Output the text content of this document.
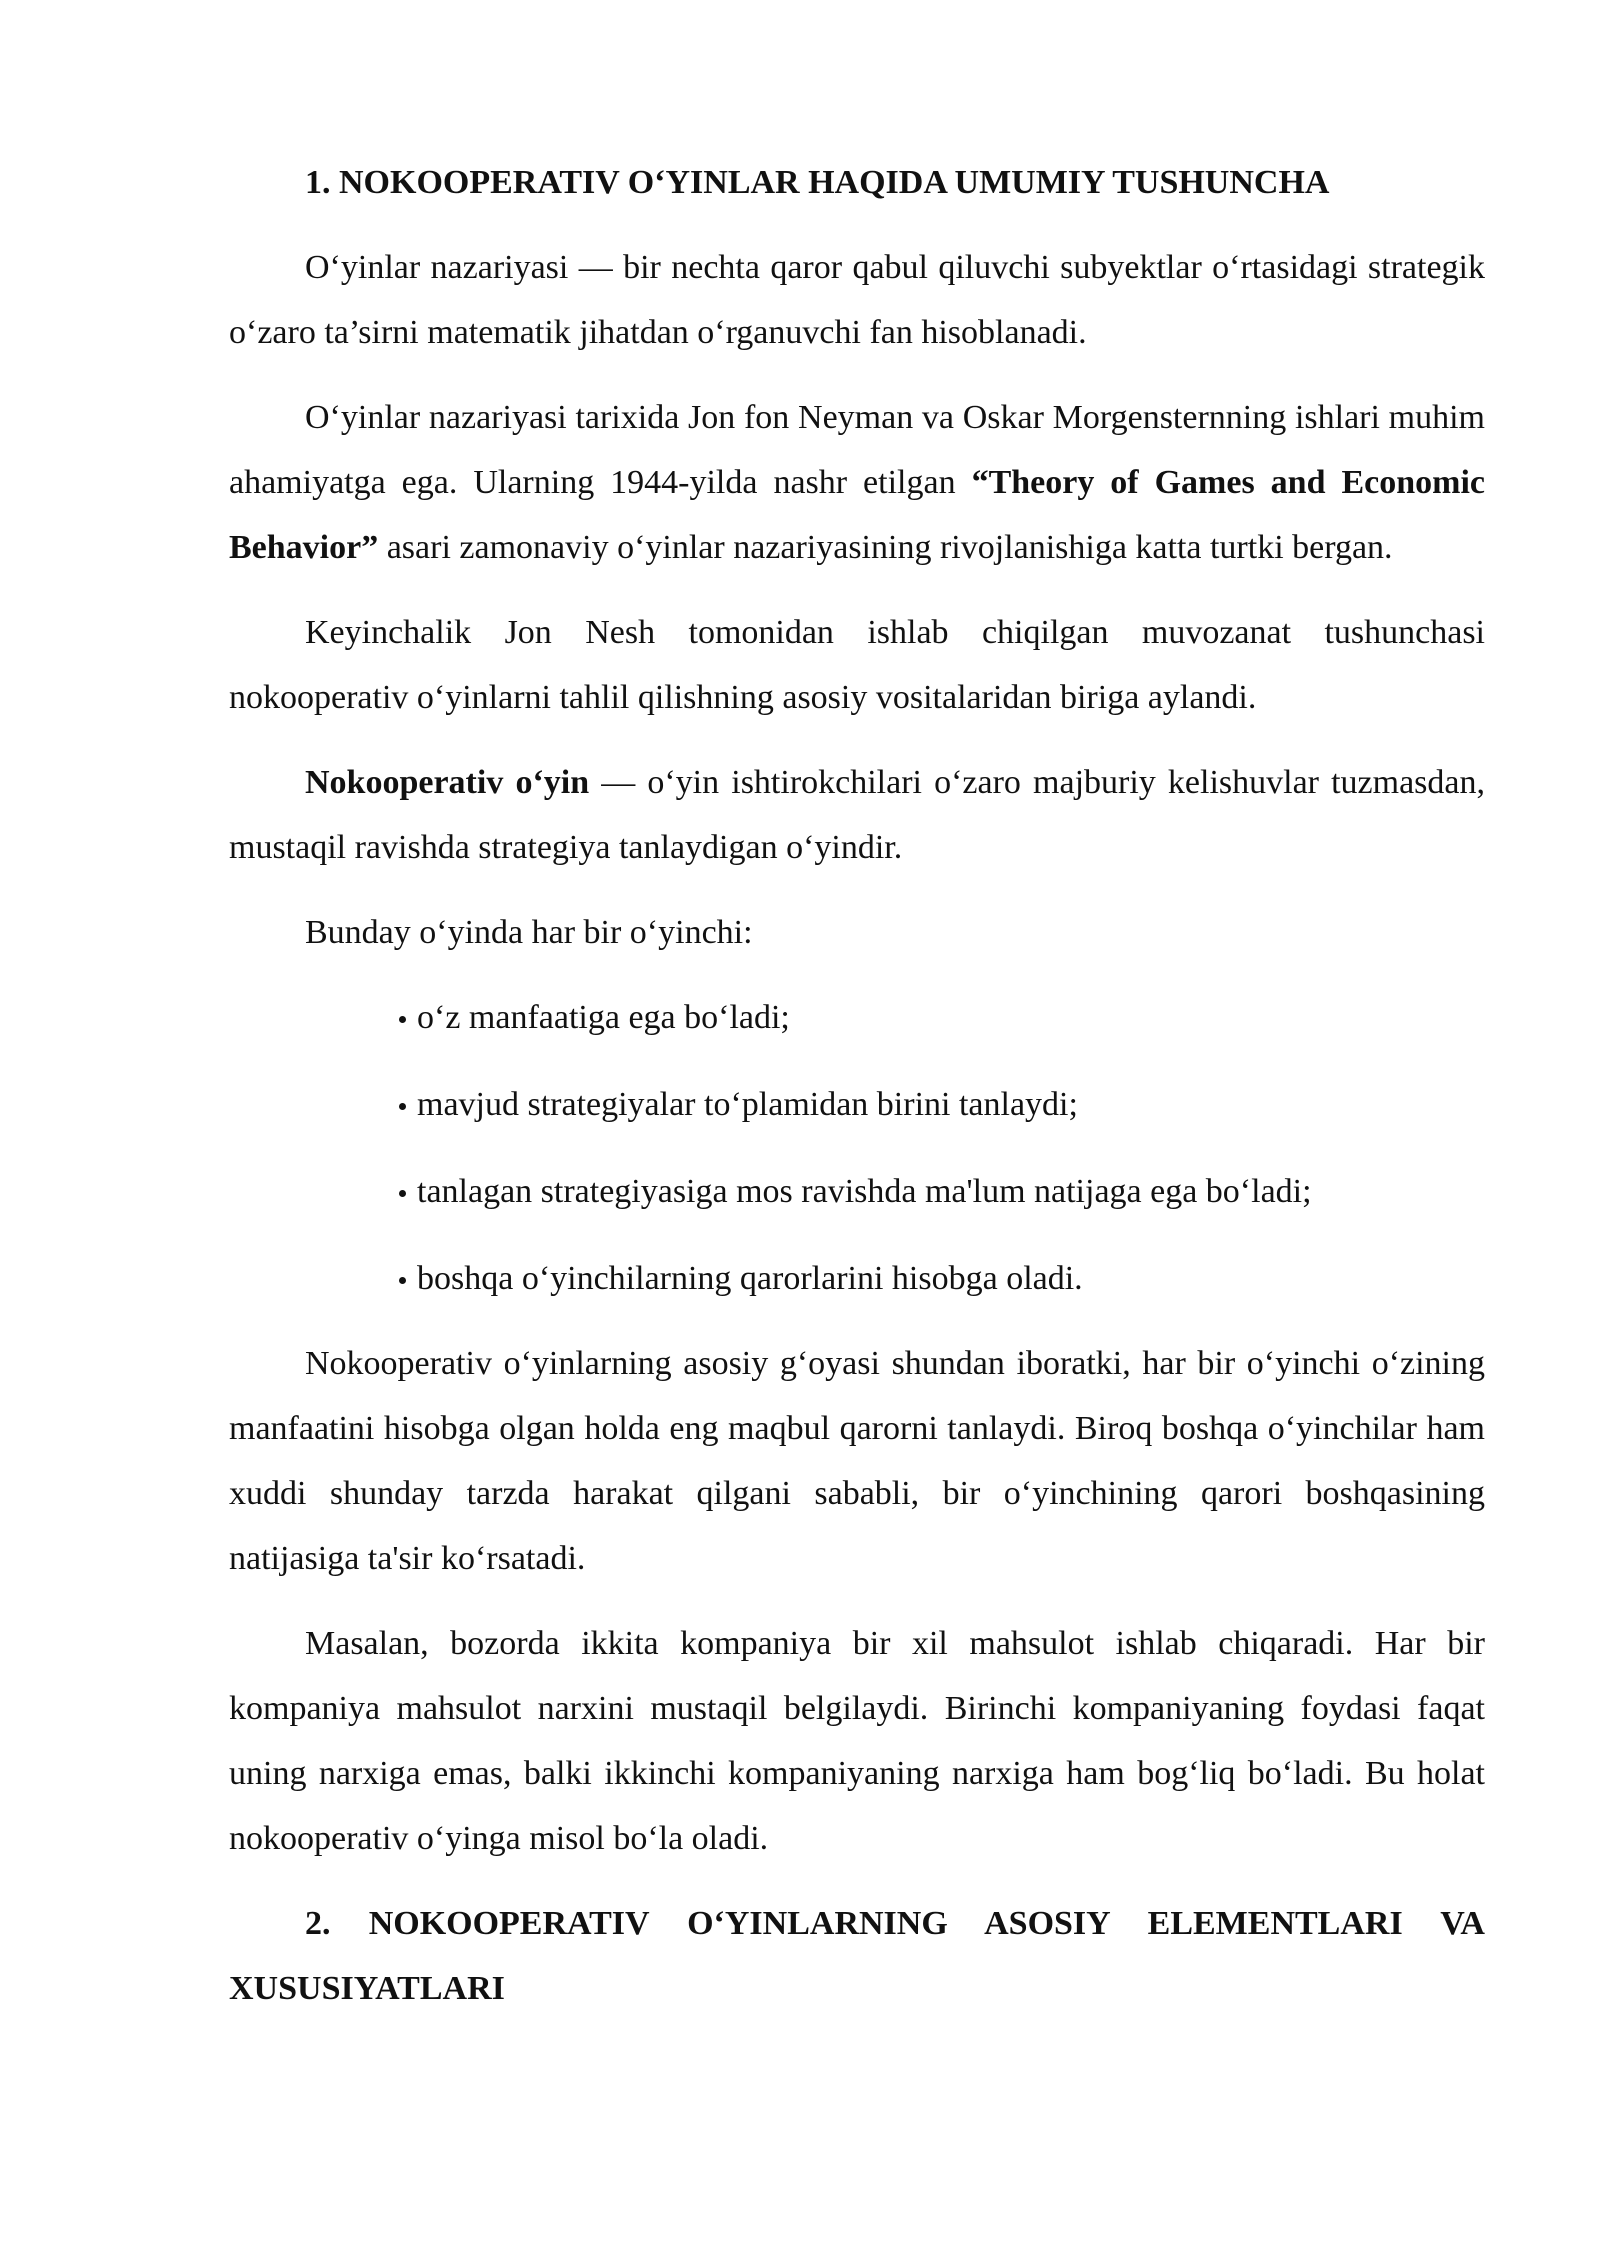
1. NOKOOPERATIV O‘YINLAR HAQIDA UMUMIY TUSHUNCHA

O‘yinlar nazariyasi — bir nechta qaror qabul qiluvchi subyektlar o‘rtasidagi strategik o‘zaro ta’sirni matematik jihatdan o‘rganuvchi fan hisoblanadi.

O‘yinlar nazariyasi tarixida Jon fon Neyman va Oskar Morgensternning ishlari muhim ahamiyatga ega. Ularning 1944-yilda nashr etilgan “Theory of Games and Economic Behavior” asari zamonaviy o‘yinlar nazariyasining rivojlanishiga katta turtki bergan.

Keyinchalik Jon Nesh tomonidan ishlab chiqilgan muvozanat tushunchasi nokooperativ o‘yinlarni tahlil qilishning asosiy vositalaridan biriga aylandi.

Nokooperativ o‘yin — o‘yin ishtirokchilari o‘zaro majburiy kelishuvlar tuzmasdan, mustaqil ravishda strategiya tanlaydigan o‘yindir.

Bunday o‘yinda har bir o‘yinchi:

o‘z manfaatiga ega bo‘ladi;
mavjud strategiyalar to‘plamidan birini tanlaydi;
tanlagan strategiyasiga mos ravishda ma'lum natijaga ega bo‘ladi;
boshqa o‘yinchilarning qarorlarini hisobga oladi.

Nokooperativ o‘yinlarning asosiy g‘oyasi shundan iboratki, har bir o‘yinchi o‘zining manfaatini hisobga olgan holda eng maqbul qarorni tanlaydi. Biroq boshqa o‘yinchilar ham xuddi shunday tarzda harakat qilgani sababli, bir o‘yinchining qarori boshqasining natijasiga ta'sir ko‘rsatadi.

Masalan, bozorda ikkita kompaniya bir xil mahsulot ishlab chiqaradi. Har bir kompaniya mahsulot narxini mustaqil belgilaydi. Birinchi kompaniyaning foydasi faqat uning narxiga emas, balki ikkinchi kompaniyaning narxiga ham bog‘liq bo‘ladi. Bu holat nokooperativ o‘yinga misol bo‘la oladi.

2. NOKOOPERATIV O‘YINLARNING ASOSIY ELEMENTLARI VA XUSUSIYATLARI
